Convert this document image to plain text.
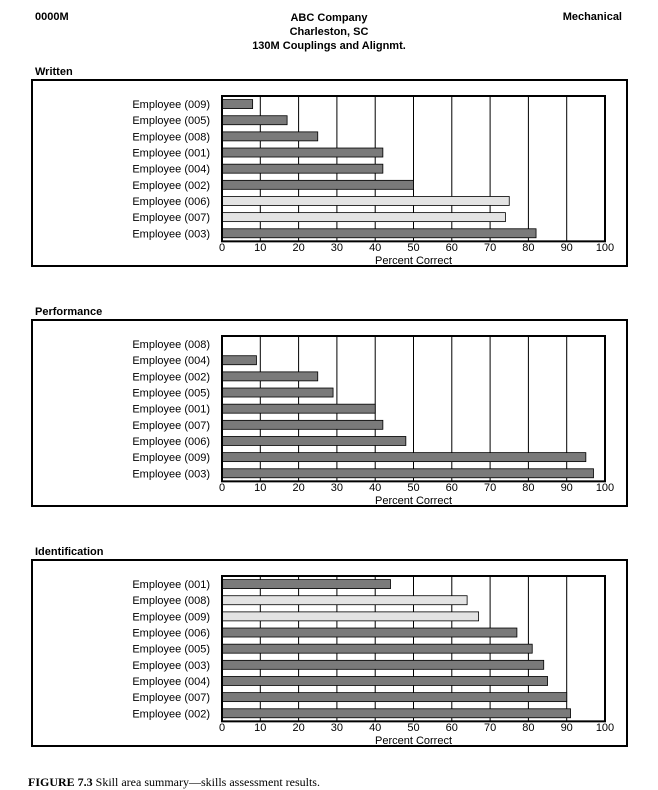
0000M	ABC Company
Charleston, SC
130M Couplings and Alignmt.
Mechanical
Written
Employee (009)
Employee (005)
Employee (008)
Employee (001)
Employee (004)
Employee (002)
Employee (006)
Employee (007)
Employee (003)
0	10 20 30 40 50 60 70 80 90 100
Percent Correct
Performance
Employee (008)
Employee (004)
Employee (002)
Employee (005)
Employee (001)
Employee (007)
Employee (006)
Employee (009)
Employee (003)
0	10 20 30 40 50 60 70 80 90 100
Percent Correct
Identification
Employee (001)
Employee (008)
Employee (009)
Employee (006)
Employee (005)
Employee (003)
Employee (004)
Employee (007)
Employee (002)
0	10 20 30 40 50 60 70 80 90 100
Percent Correct
FIGURE 7.3 Skill area summary—skills assessment results.
